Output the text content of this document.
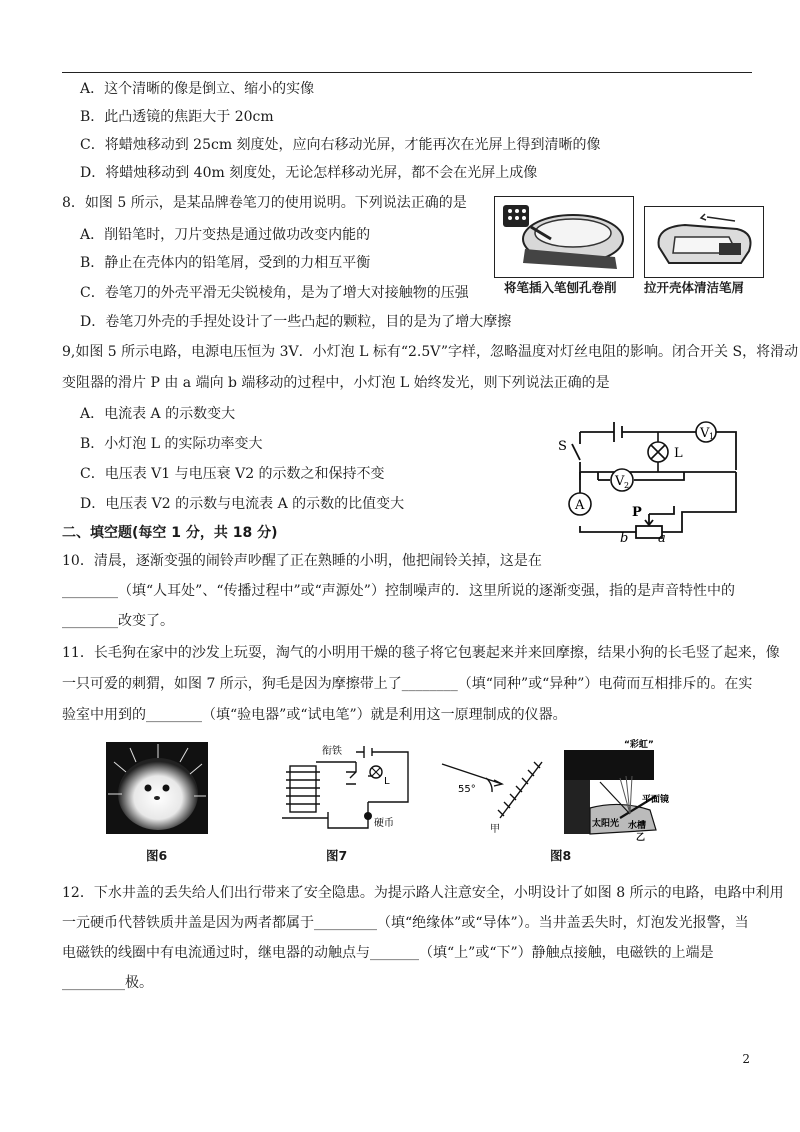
A．这个清晰的像是倒立、缩小的实像
B．此凸透镜的焦距大于 20cm
C．将蜡烛移动到 25cm 刻度处，应向右移动光屏，才能再次在光屏上得到清晰的像
D．将蜡烛移动到 40m 刻度处，无论怎样移动光屏，都不会在光屏上成像
8．如图 5 所示，是某品牌卷笔刀的使用说明。下列说法正确的是
A．削铅笔时，刀片变热是通过做功改变内能的
B．静止在壳体内的铅笔屑，受到的力相互平衡
C．卷笔刀的外壳平滑无尖锐棱角，是为了增大对接触物的压强
D．卷笔刀外壳的手捏处设计了一些凸起的颗粒，目的是为了增大摩擦
将笔插入笔刨孔卷削 拉开壳体清洁笔屑
9,如图 5 所示电路，电源电压恒为 3V．小灯泡 L 标有“2.5V”字样，忽略温度对灯丝电阻的影响。闭合开关 S，将滑动
变阻器的滑片 P 由 a 端向 b 端移动的过程中，小灯泡 L 始终发光，则下列说法正确的是
A．电流表 A 的示数变大
B．小灯泡 L 的实际功率变大
C．电压表 V1 与电压衰 V2 的示数之和保持不变
D．电压表 V2 的示数与电流表 A 的示数的比值变大
V 1
L
V 2
A
S
P
b a
二、填空题(每空 1 分，共 18 分)
10．清晨，逐渐变强的闹铃声吵醒了正在熟睡的小明，他把闹铃关掉，这是在
________（填“人耳处”、“传播过程中”或“声源处”）控制噪声的．这里所说的逐渐变强，指的是声音特性中的
________改变了。
11．长毛狗在家中的沙发上玩耍，淘气的小明用干燥的毯子将它包裹起来并来回摩擦，结果小狗的长毛竖了起来，像
一只可爱的刺猬，如图 7 所示，狗毛是因为摩擦带上了________（填“同种”或“异种”）电荷而互相排斥的。在实
验室中用到的________（填“验电器”或“试电笔”）就是利用这一原理制成的仪器。
图6
衔铁
L
硬币
图7
55°
甲
“彩虹”
平面镜
太阳光 水槽
乙
图8
12．下水井盖的丢失给人们出行带来了安全隐患。为提示路人注意安全，小明设计了如图 8 所示的电路，电路中利用
一元硬币代替铁质井盖是因为两者都属于_________（填“绝缘体”或“导体”）。当井盖丢失时，灯泡发光报警，当
电磁铁的线圈中有电流通过时，继电器的动触点与_______（填“上”或“下”）静触点接触，电磁铁的上端是
_________极。
2
